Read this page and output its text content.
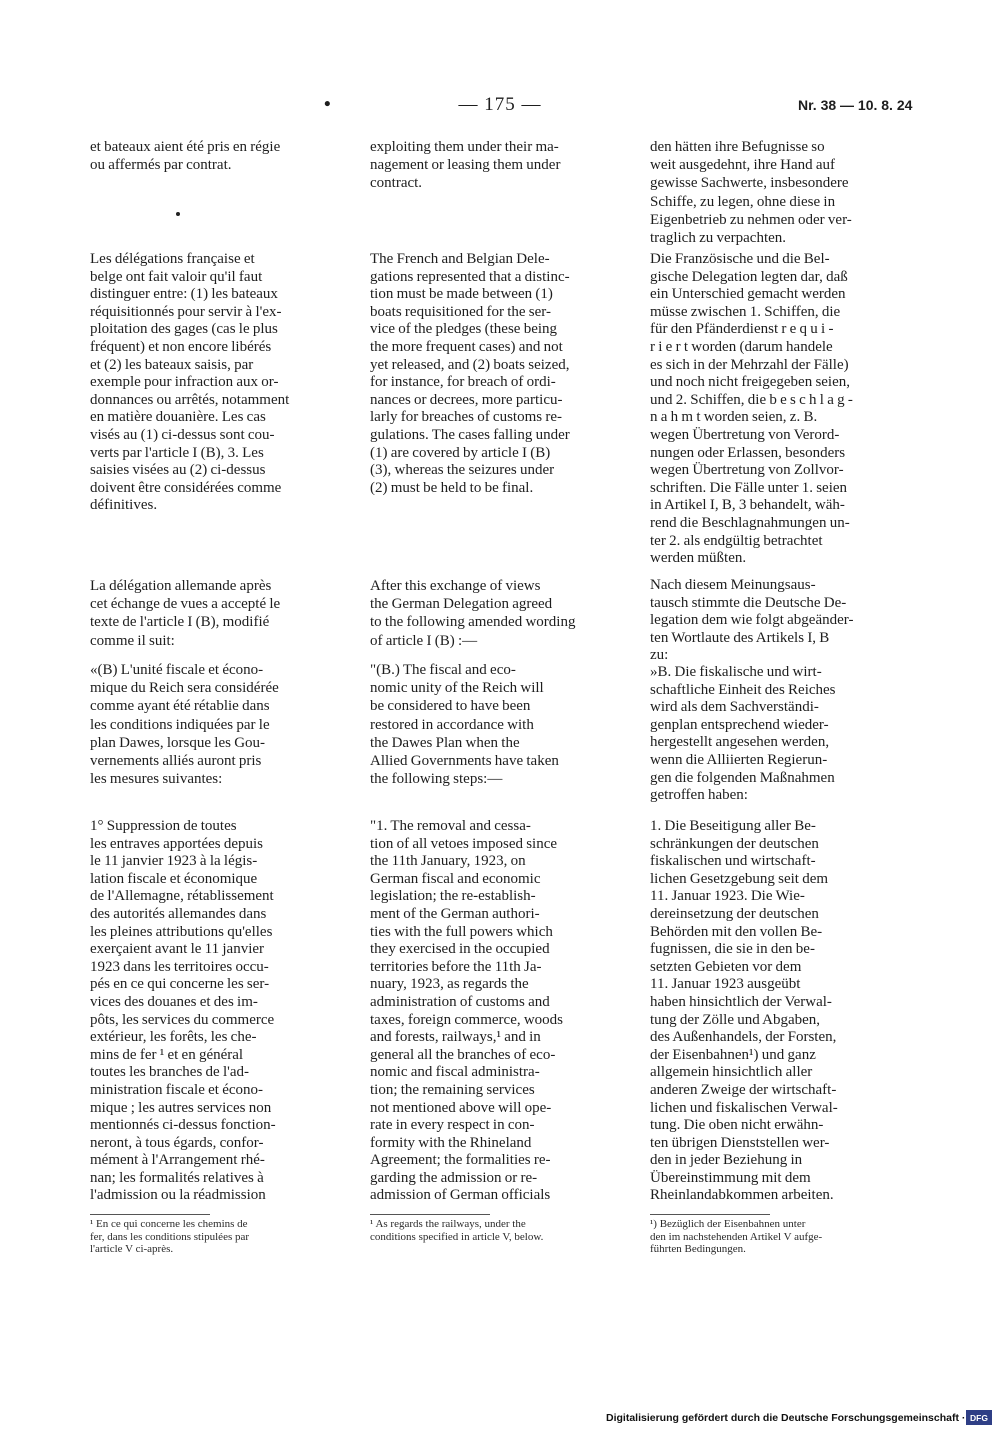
•	— 175 —	Nr. 38 — 10. 8. 24

et bateaux aient été pris en régie
ou affermés par contrat.

Les délégations française et
belge ont fait valoir qu'il faut
distinguer entre: (1) les bateaux
réquisitionnés pour servir à l'ex-
ploitation des gages (cas le plus
fréquent) et non encore libérés
et (2) les bateaux saisis, par
exemple pour infraction aux or-
donnances ou arrêtés, notamment
en matière douanière. Les cas
visés au (1) ci-dessus sont cou-
verts par l'article I (B), 3. Les
saisies visées au (2) ci-dessus
doivent être considérées comme
définitives.

La délégation allemande après
cet échange de vues a accepté le
texte de l'article I (B), modifié
comme il suit:

«(B) L'unité fiscale et écono-
mique du Reich sera considérée
comme ayant été rétablie dans
les conditions indiquées par le
plan Dawes, lorsque les Gou-
vernements alliés auront pris
les mesures suivantes:

1° Suppression de toutes
les entraves apportées depuis
le 11 janvier 1923 à la légis-
lation fiscale et économique
de l'Allemagne, rétablissement
des autorités allemandes dans
les pleines attributions qu'elles
exerçaient avant le 11 janvier
1923 dans les territoires occu-
pés en ce qui concerne les ser-
vices des douanes et des im-
pôts, les services du commerce
extérieur, les forêts, les che-
mins de fer ¹ et en général
toutes les branches de l'ad-
ministration fiscale et écono-
mique ; les autres services non
mentionnés ci-dessus fonction-
neront, à tous égards, confor-
mément à l'Arrangement rhé-
nan; les formalités relatives à
l'admission ou la réadmission

¹ En ce qui concerne les chemins de
fer, dans les conditions stipulées par
l'article V ci-après.

exploiting them under their ma-
nagement or leasing them under
contract.

The French and Belgian Dele-
gations represented that a distinc-
tion must be made between (1)
boats requisitioned for the ser-
vice of the pledges (these being
the more frequent cases) and not
yet released, and (2) boats seized,
for instance, for breach of ordi-
nances or decrees, more particu-
larly for breaches of customs re-
gulations. The cases falling under
(1) are covered by article I (B)
(3), whereas the seizures under
(2) must be held to be final.

After this exchange of views
the German Delegation agreed
to the following amended wording
of article I (B) :—

"(B.) The fiscal and eco-
nomic unity of the Reich will
be considered to have been
restored in accordance with
the Dawes Plan when the
Allied Governments have taken
the following steps:—

"1. The removal and cessa-
tion of all vetoes imposed since
the 11th January, 1923, on
German fiscal and economic
legislation; the re-establish-
ment of the German authori-
ties with the full powers which
they exercised in the occupied
territories before the 11th Ja-
nuary, 1923, as regards the
administration of customs and
taxes, foreign commerce, woods
and forests, railways,¹ and in
general all the branches of eco-
nomic and fiscal administra-
tion; the remaining services
not mentioned above will ope-
rate in every respect in con-
formity with the Rhineland
Agreement; the formalities re-
garding the admission or re-
admission of German officials

¹ As regards the railways, under the
conditions specified in article V, below.

den hätten ihre Befugnisse so
weit ausgedehnt, ihre Hand auf
gewisse Sachwerte, insbesondere
Schiffe, zu legen, ohne diese in
Eigenbetrieb zu nehmen oder ver-
traglich zu verpachten.

Die Französische und die Bel-
gische Delegation legten dar, daß
ein Unterschied gemacht werden
müsse zwischen 1. Schiffen, die
für den Pfänderdienst r e q u i -
r i e r t worden (darum handele
es sich in der Mehrzahl der Fälle)
und noch nicht freigegeben seien,
und 2. Schiffen, die b e s c h l a g -
n a h m t worden seien, z. B.
wegen Übertretung von Verord-
nungen oder Erlassen, besonders
wegen Übertretung von Zollvor-
schriften. Die Fälle unter 1. seien
in Artikel I, B, 3 behandelt, wäh-
rend die Beschlagnahmungen un-
ter 2. als endgültig betrachtet
werden müßten.

Nach diesem Meinungsaus-
tausch stimmte die Deutsche De-
legation dem wie folgt abgeänder-
ten Wortlaute des Artikels I, B
zu:

»B. Die fiskalische und wirt-
schaftliche Einheit des Reiches
wird als dem Sachverständi-
genplan entsprechend wieder-
hergestellt angesehen werden,
wenn die Alliierten Regierun-
gen die folgenden Maßnahmen
getroffen haben:

1. Die Beseitigung aller Be-
schränkungen der deutschen
fiskalischen und wirtschaft-
lichen Gesetzgebung seit dem
11. Januar 1923. Die Wie-
dereinsetzung der deutschen
Behörden mit den vollen Be-
fugnissen, die sie in den be-
setzten Gebieten vor dem
11. Januar 1923 ausgeübt
haben hinsichtlich der Verwal-
tung der Zölle und Abgaben,
des Außenhandels, der Forsten,
der Eisenbahnen¹) und ganz
allgemein hinsichtlich aller
anderen Zweige der wirtschaft-
lichen und fiskalischen Verwal-
tung. Die oben nicht erwähn-
ten übrigen Dienststellen wer-
den in jeder Beziehung in
Übereinstimmung mit dem
Rheinlandabkommen arbeiten.

¹) Bezüglich der Eisenbahnen unter
den im nachstehenden Artikel V aufge-
führten Bedingungen.

Digitalisierung gefördert durch die Deutsche Forschungsgemeinschaft · DFG
